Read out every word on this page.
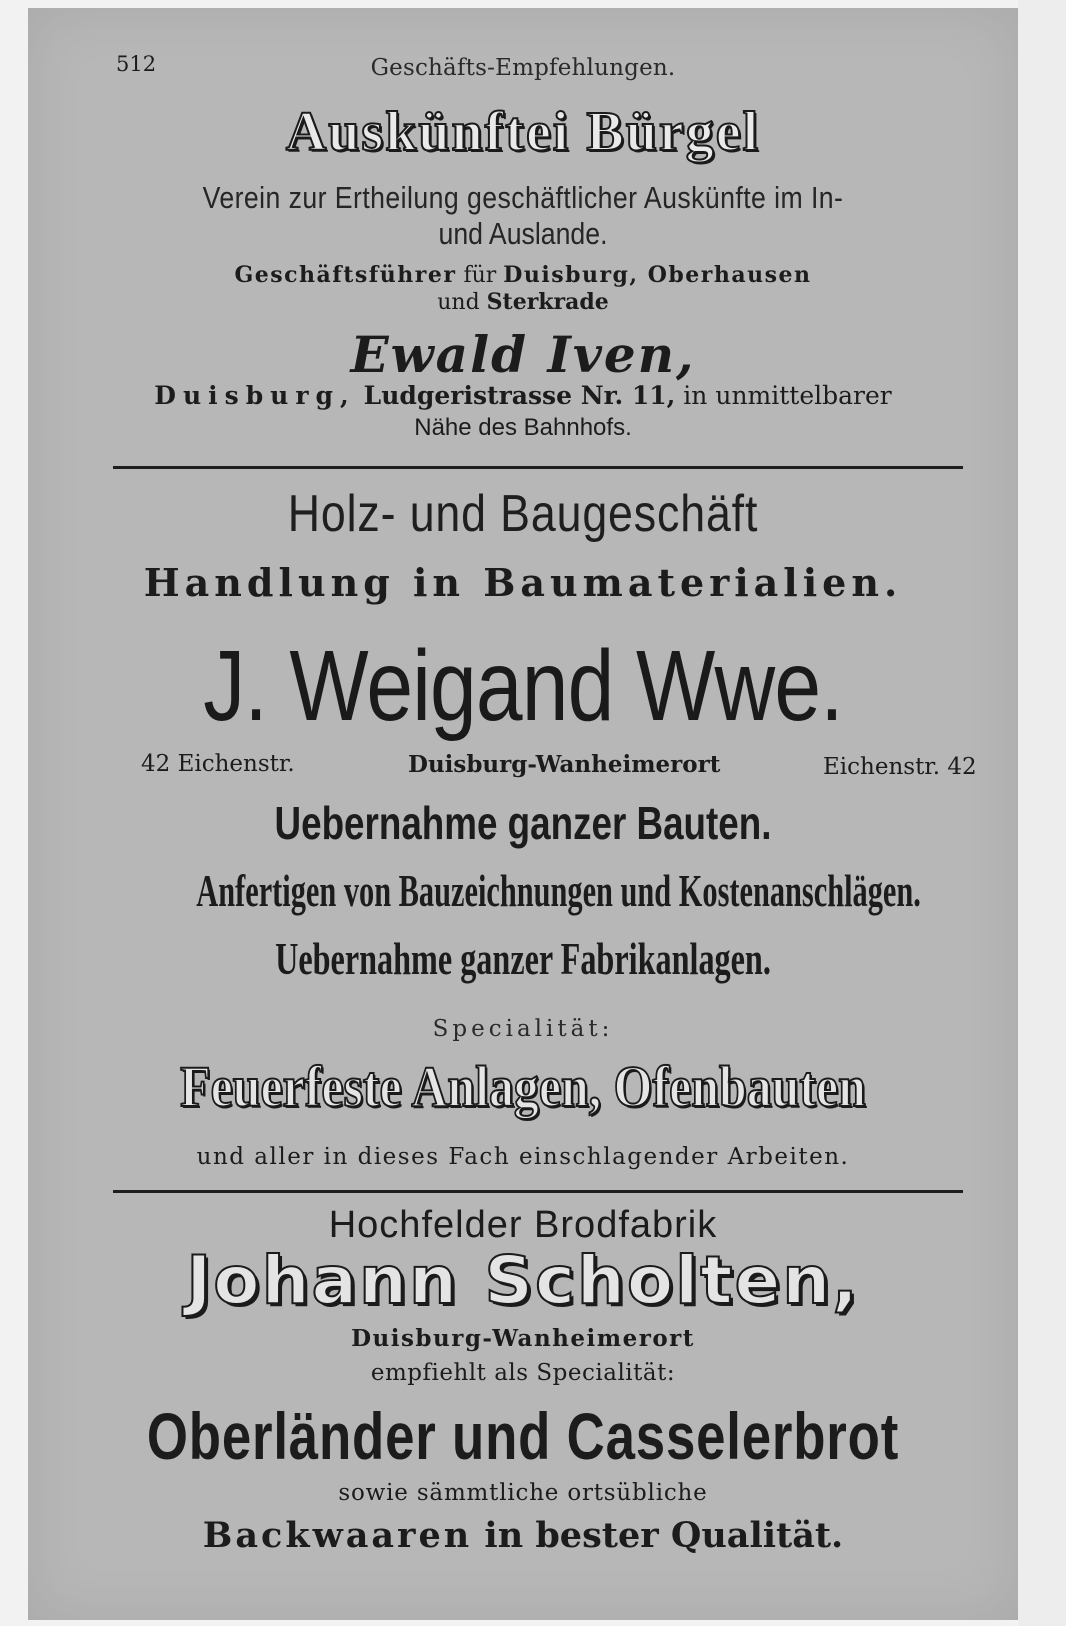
512	Geschäfts-Empfehlungen.
Auskünftei Bürgel
Verein zur Ertheilung geschäftlicher Auskünfte im In-
und Auslande.
Geschäftsführer für Duisburg, Oberhausen
und Sterkrade
Ewald Iven,
Duisburg, Ludgeristrasse Nr. 11, in unmittelbarer
Nähe des Bahnhofs.
Holz- und Baugeschäft
Handlung in Baumaterialien.
J. Weigand Wwe.
42 Eichenstr.	Duisburg-Wanheimerort	Eichenstr. 42
Uebernahme ganzer Bauten.
Anfertigen von Bauzeichnungen und Kostenanschlägen.
Uebernahme ganzer Fabrikanlagen.
Specialität:
Feuerfeste Anlagen, Ofenbauten
und aller in dieses Fach einschlagender Arbeiten.
Hochfelder Brodfabrik
Johann Scholten,
Duisburg-Wanheimerort
empfiehlt als Specialität:
Oberländer und Casselerbrot
sowie sämmtliche ortsübliche
Backwaaren in bester Qualität.
